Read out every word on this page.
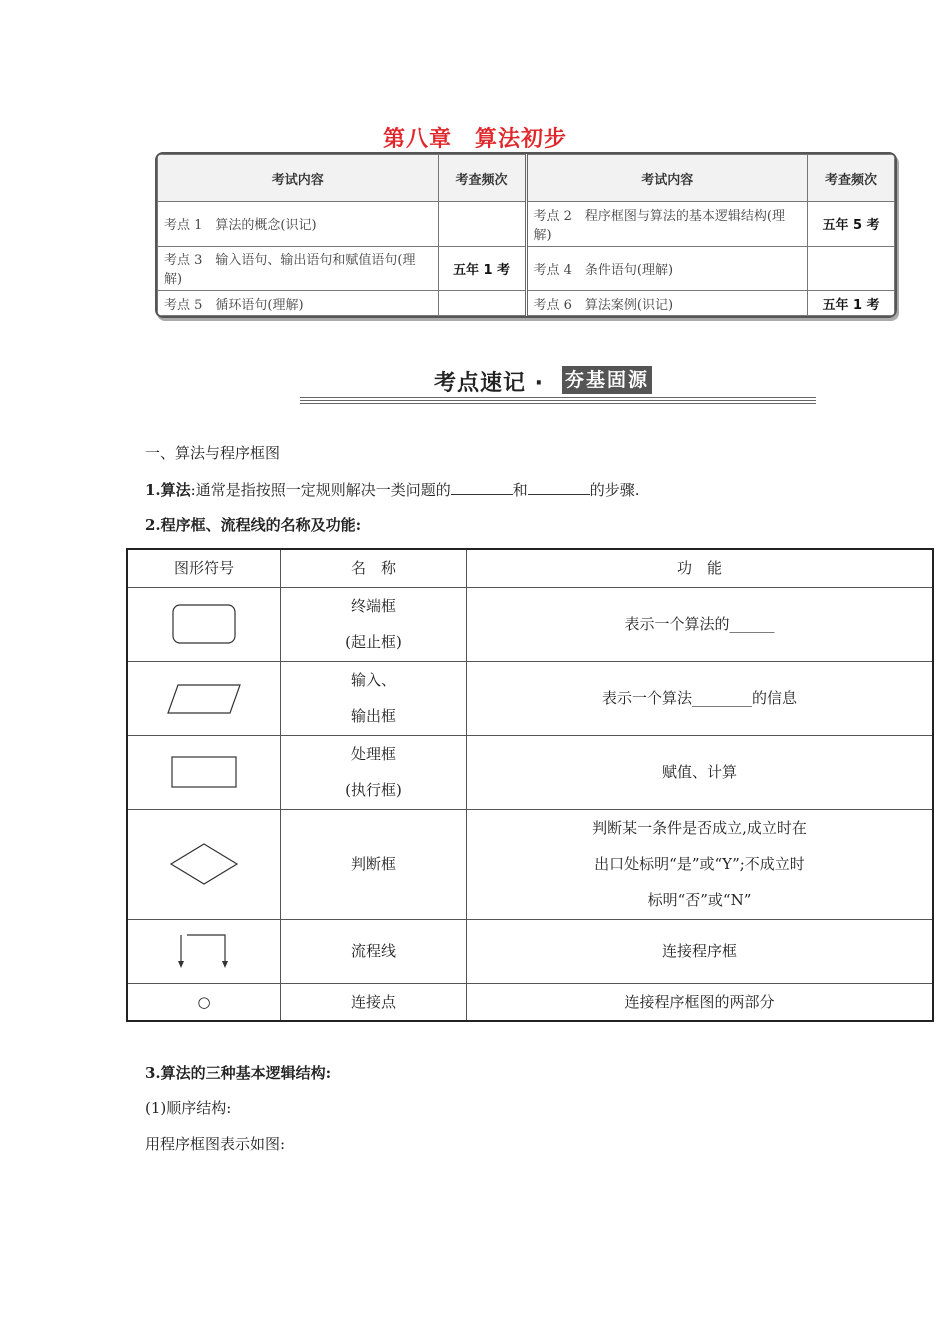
第八章　算法初步
考试内容	考查频次	考试内容	考查频次
考点 1　算法的概念(识记)		考点 2　程序框图与算法的基本逻辑结构(理解)	五年 5 考
考点 3　输入语句、输出语句和赋值语句(理解)	五年 1 考	考点 4　条件语句(理解)	
考点 5　循环语句(理解)		考点 6　算法案例(识记)	五年 1 考
考点速记 · 夯基固源
一、算法与程序框图
1.算法:通常是指按照一定规则解决一类问题的	和	的步骤.
2.程序框、流程线的名称及功能:
图形符号	名　称	功　能

终端框
(起止框)	表示一个算法的______

输入、
输出框	表示一个算法________的信息

处理框
(执行框)	赋值、计算

判断框	判断某一条件是否成立,成立时在
出口处标明“是”或“Y”;不成立时
标明“否”或“N”

流程线	连接程序框

○	连接点	连接程序框图的两部分
3.算法的三种基本逻辑结构:
(1)顺序结构:
用程序框图表示如图:
